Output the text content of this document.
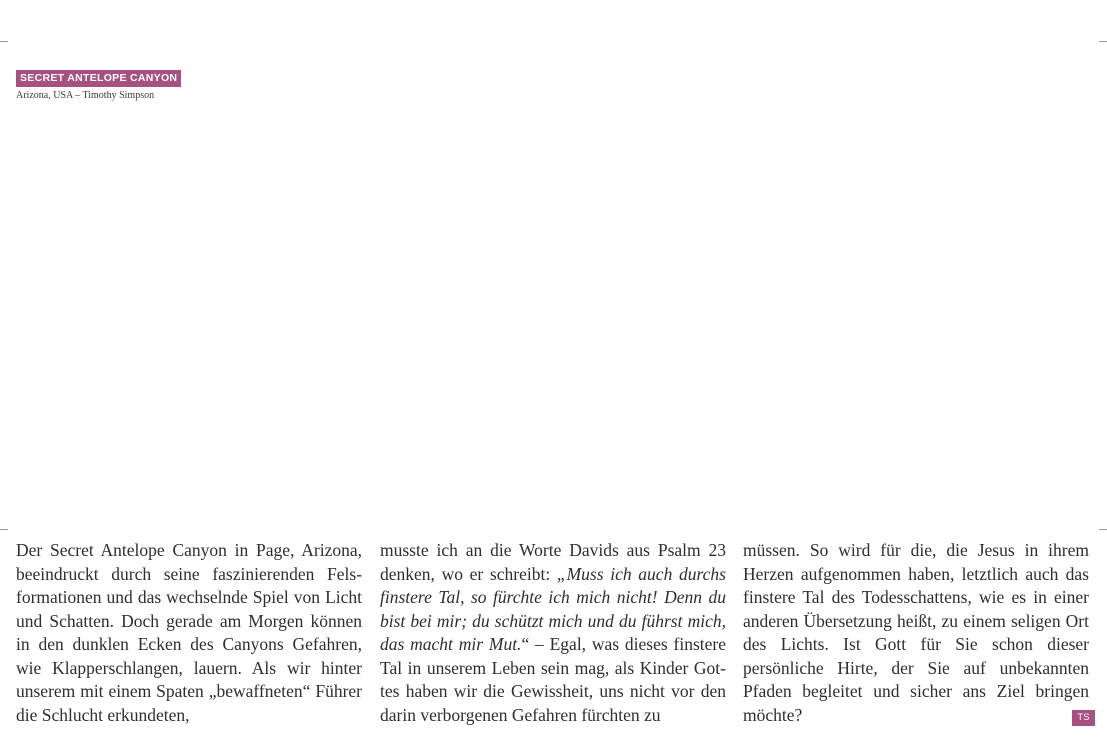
SECRET ANTELOPE CANYON
Arizona, USA – Timothy Simpson

Der Secret Antelope Canyon in Page, Arizona, beeindruckt durch seine faszinierenden Felsformationen und das wechselnde Spiel von Licht und Schatten. Doch gerade am Morgen können in den dunklen Ecken des Canyons Gefahren, wie Klapperschlangen, lauern. Als wir hinter unserem mit einem Spaten „bewaffneten“ Führer die Schlucht erkundeten,

musste ich an die Worte Davids aus Psalm 23 denken, wo er schreibt: „Muss ich auch durchs finstere Tal, so fürchte ich mich nicht! Denn du bist bei mir; du schützt mich und du führst mich, das macht mir Mut.“ – Egal, was dieses finstere Tal in unserem Leben sein mag, als Kinder Gottes haben wir die Gewissheit, uns nicht vor den darin verborgenen Gefahren fürchten zu

müssen. So wird für die, die Jesus in ihrem Herzen aufgenommen haben, letztlich auch das finstere Tal des Todesschattens, wie es in einer anderen Übersetzung heißt, zu einem seligen Ort des Lichts. Ist Gott für Sie schon dieser persönliche Hirte, der Sie auf unbekannten Pfaden begleitet und sicher ans Ziel bringen möchte?	TS
